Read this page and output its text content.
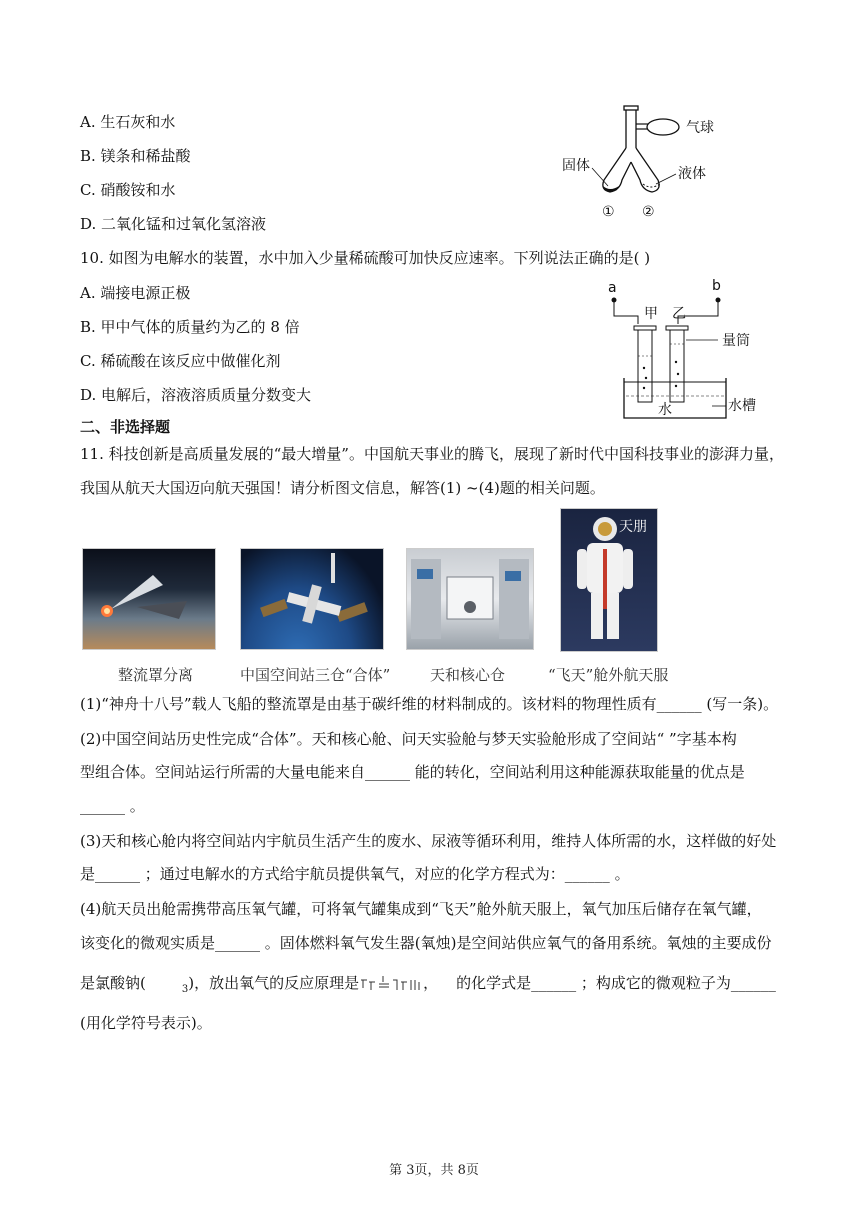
A. 生石灰和水
B. 镁条和稀盐酸
C. 硝酸铵和水
D. 二氧化锰和过氧化氢溶液
气球
固体	液体
① ②
10. 如图为电解水的装置，水中加入少量稀硫酸可加快反应速率。下列说法正确的是( )
A. 端接电源正极
B. 甲中气体的质量约为乙的 8 倍
C. 稀硫酸在该反应中做催化剂
D. 电解后，溶液溶质质量分数变大
a	b
甲 乙
水
量筒
水槽
二、非选择题
11. 科技创新是高质量发展的“最大增量”。中国航天事业的腾飞，展现了新时代中国科技事业的澎湃力量，
我国从航天大国迈向航天强国！请分析图文信息，解答(1) ~(4)题的相关问题。
天朋
整流罩分离	中国空间站三仓“合体”	天和核心仓	“飞天”舱外航天服
(1)“神舟十八号”载人飞船的整流罩是由基于碳纤维的材料制成的。该材料的物理性质有______ (写一条)。
(2)中国空间站历史性完成“合体”。天和核心舱、问天实验舱与梦天实验舱形成了空间站“ ”字基本构
型组合体。空间站运行所需的大量电能来自______ 能的转化，空间站利用这种能源获取能量的优点是
______ 。
(3)天和核心舱内将空间站内宇航员生活产生的废水、尿液等循环利用，维持人体所需的水，这样做的好处
是______ ；通过电解水的方式给宇航员提供氧气，对应的化学方程式为：______ 。
(4)航天员出舱需携带高压氧气罐，可将氧气罐集成到“飞天”舱外航天服上，氧气加压后储存在氧气罐，
该变化的微观实质是______ 。固体燃料氧气发生器(氧烛)是空间站供应氧气的备用系统。氧烛的主要成份
是氯酸钠(	$_3$)，放出氧气的反应原理是	， 的化学式是______ ；构成它的微观粒子为______
(用化学符号表示)。
第 3页，共 8页
